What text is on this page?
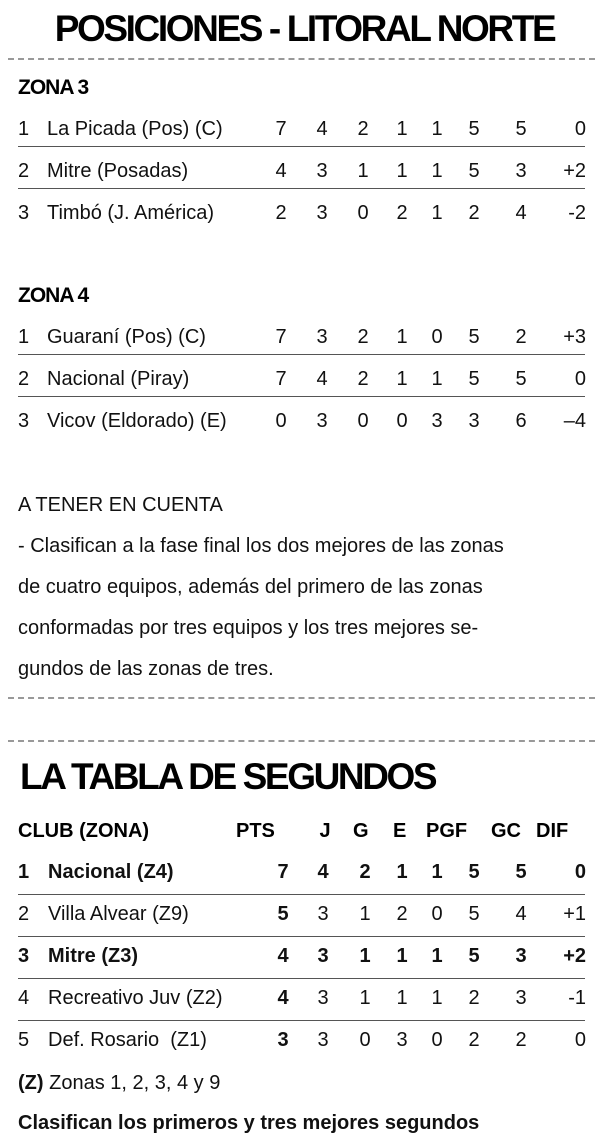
POSICIONES - LITORAL NORTE
ZONA 3
1 La Picada (Pos) (C)	7	4	2	1	1	5	5	0
2 Mitre (Posadas)	4	3	1	1	1	5	3	+2
3 Timbó (J. América)	2	3	0	2	1	2	4	-2
ZONA 4
1 Guaraní (Pos) (C)	7	3	2	1	0	5	2	+3
2 Nacional (Piray)	7	4	2	1	1	5	5	0
3 Vicov (Eldorado) (E)	0	3	0	0	3	3	6	–4
A TENER EN CUENTA
- Clasifican a la fase final los dos mejores de las zonas
de cuatro equipos, además del primero de las zonas
conformadas por tres equipos y los tres mejores se-
gundos de las zonas de tres.
LA TABLA DE SEGUNDOS
CLUB (ZONA)	PTS J G E PGF GC DIF
1 Nacional (Z4)	7	4	2	1	1	5	5	0
2 Villa Alvear (Z9)	5	3	1	2	0	5	4	+1
3 Mitre (Z3)	4	3	1	1	1	5	3	+2
4 Recreativo Juv (Z2)	4	3	1	1	1	2	3	-1
5 Def. Rosario  (Z1)	3	3	0	3	0	2	2	0
(Z) Zonas 1, 2, 3, 4 y 9
Clasifican los primeros y tres mejores segundos
